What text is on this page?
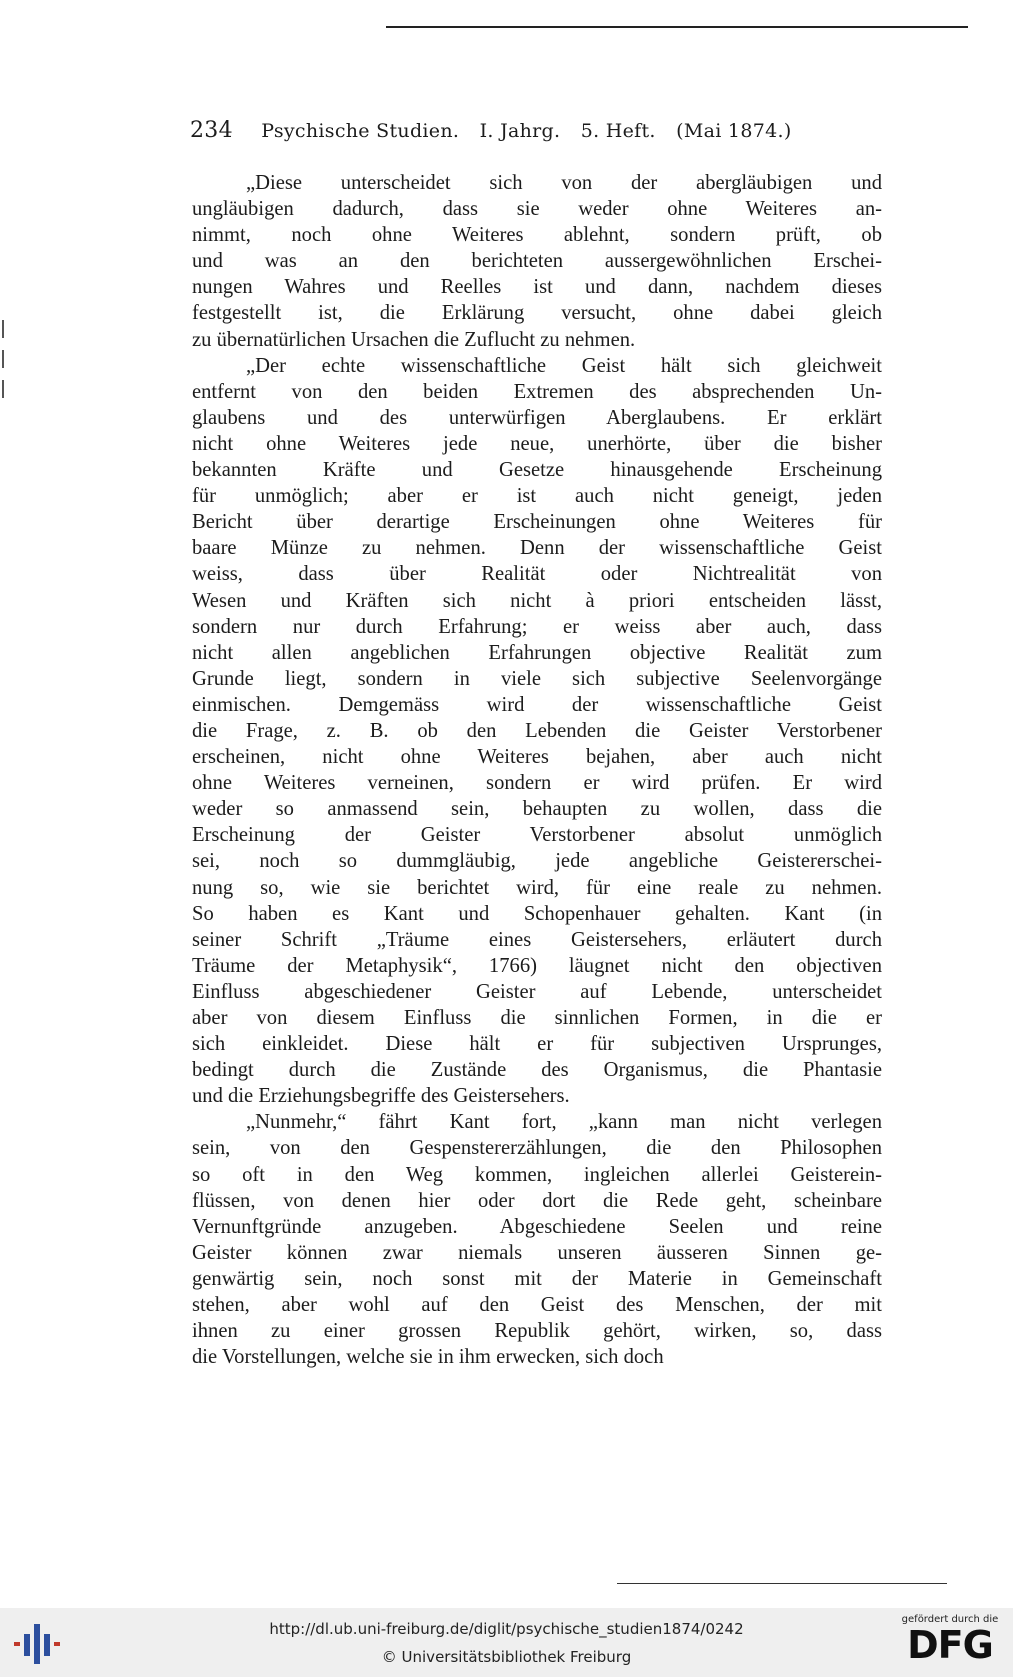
234 Psychische Studien. I. Jahrg. 5. Heft. (Mai 1874.)
„Diese unterscheidet sich von der abergläubigen und
ungläubigen dadurch, dass sie weder ohne Weiteres an-
nimmt, noch ohne Weiteres ablehnt, sondern prüft, ob
und was an den berichteten aussergewöhnlichen Erschei-
nungen Wahres und Reelles ist und dann, nachdem dieses
festgestellt ist, die Erklärung versucht, ohne dabei gleich
zu übernatürlichen Ursachen die Zuflucht zu nehmen.
„Der echte wissenschaftliche Geist hält sich gleichweit
entfernt von den beiden Extremen des absprechenden Un-
glaubens und des unterwürfigen Aberglaubens. Er erklärt
nicht ohne Weiteres jede neue, unerhörte, über die bisher
bekannten Kräfte und Gesetze hinausgehende Erscheinung
für unmöglich; aber er ist auch nicht geneigt, jeden
Bericht über derartige Erscheinungen ohne Weiteres für
baare Münze zu nehmen. Denn der wissenschaftliche Geist
weiss, dass über Realität oder Nichtrealität von
Wesen und Kräften sich nicht à priori entscheiden lässt,
sondern nur durch Erfahrung; er weiss aber auch, dass
nicht allen angeblichen Erfahrungen objective Realität zum
Grunde liegt, sondern in viele sich subjective Seelenvorgänge
einmischen. Demgemäss wird der wissenschaftliche Geist
die Frage, z. B. ob den Lebenden die Geister Verstorbener
erscheinen, nicht ohne Weiteres bejahen, aber auch nicht
ohne Weiteres verneinen, sondern er wird prüfen. Er wird
weder so anmassend sein, behaupten zu wollen, dass die
Erscheinung der Geister Verstorbener absolut unmöglich
sei, noch so dummgläubig, jede angebliche Geistererschei-
nung so, wie sie berichtet wird, für eine reale zu nehmen.
So haben es Kant und Schopenhauer gehalten. Kant (in
seiner Schrift „Träume eines Geistersehers, erläutert durch
Träume der Metaphysik“, 1766) läugnet nicht den objectiven
Einfluss abgeschiedener Geister auf Lebende, unterscheidet
aber von diesem Einfluss die sinnlichen Formen, in die er
sich einkleidet. Diese hält er für subjectiven Ursprunges,
bedingt durch die Zustände des Organismus, die Phantasie
und die Erziehungsbegriffe des Geistersehers.
„Nunmehr,“ fährt Kant fort, „kann man nicht verlegen
sein, von den Gespenstererzählungen, die den Philosophen
so oft in den Weg kommen, ingleichen allerlei Geisterein-
flüssen, von denen hier oder dort die Rede geht, scheinbare
Vernunftgründe anzugeben. Abgeschiedene Seelen und reine
Geister können zwar niemals unseren äusseren Sinnen ge-
genwärtig sein, noch sonst mit der Materie in Gemeinschaft
stehen, aber wohl auf den Geist des Menschen, der mit
ihnen zu einer grossen Republik gehört, wirken, so, dass
die Vorstellungen, welche sie in ihm erwecken, sich doch
http://dl.ub.uni-freiburg.de/diglit/psychische_studien1874/0242
© Universitätsbibliothek Freiburg
gefördert durch die
DFG
